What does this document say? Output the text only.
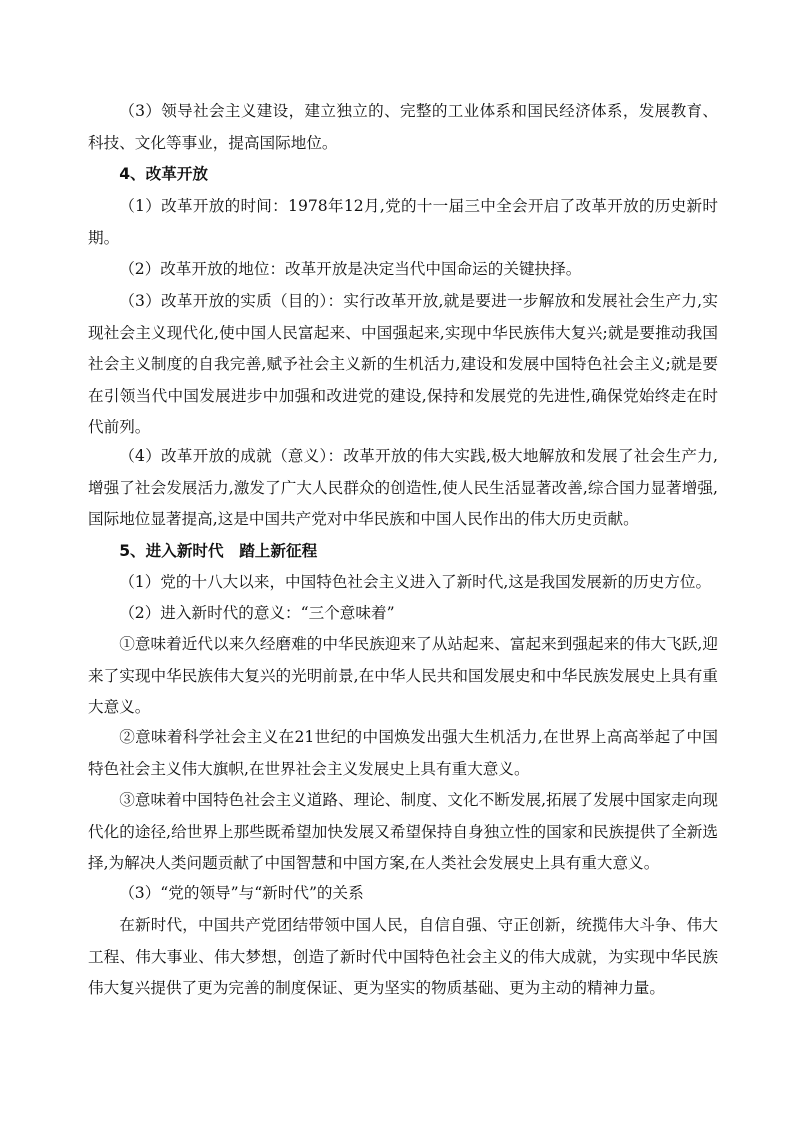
（3）领导社会主义建设，建立独立的、完整的工业体系和国民经济体系，发展教育、科技、文化等事业，提高国际地位。

4、改革开放

（1）改革开放的时间：1978年12月,党的十一届三中全会开启了改革开放的历史新时期。

（2）改革开放的地位：改革开放是决定当代中国命运的关键抉择。

（3）改革开放的实质（目的）：实行改革开放,就是要进一步解放和发展社会生产力,实现社会主义现代化,使中国人民富起来、中国强起来,实现中华民族伟大复兴;就是要推动我国社会主义制度的自我完善,赋予社会主义新的生机活力,建设和发展中国特色社会主义;就是要在引领当代中国发展进步中加强和改进党的建设,保持和发展党的先进性,确保党始终走在时代前列。

（4）改革开放的成就（意义）：改革开放的伟大实践,极大地解放和发展了社会生产力,增强了社会发展活力,激发了广大人民群众的创造性,使人民生活显著改善,综合国力显著增强,国际地位显著提高,这是中国共产党对中华民族和中国人民作出的伟大历史贡献。

5、进入新时代　踏上新征程

（1）党的十八大以来，中国特色社会主义进入了新时代,这是我国发展新的历史方位。

（2）进入新时代的意义：“三个意味着”

①意味着近代以来久经磨难的中华民族迎来了从站起来、富起来到强起来的伟大飞跃,迎来了实现中华民族伟大复兴的光明前景,在中华人民共和国发展史和中华民族发展史上具有重大意义。

②意味着科学社会主义在21世纪的中国焕发出强大生机活力,在世界上高高举起了中国特色社会主义伟大旗帜,在世界社会主义发展史上具有重大意义。

③意味着中国特色社会主义道路、理论、制度、文化不断发展,拓展了发展中国家走向现代化的途径,给世界上那些既希望加快发展又希望保持自身独立性的国家和民族提供了全新选择,为解决人类问题贡献了中国智慧和中国方案,在人类社会发展史上具有重大意义。

（3）“党的领导”与“新时代”的关系

在新时代，中国共产党团结带领中国人民，自信自强、守正创新，统揽伟大斗争、伟大工程、伟大事业、伟大梦想，创造了新时代中国特色社会主义的伟大成就，为实现中华民族伟大复兴提供了更为完善的制度保证、更为坚实的物质基础、更为主动的精神力量。
